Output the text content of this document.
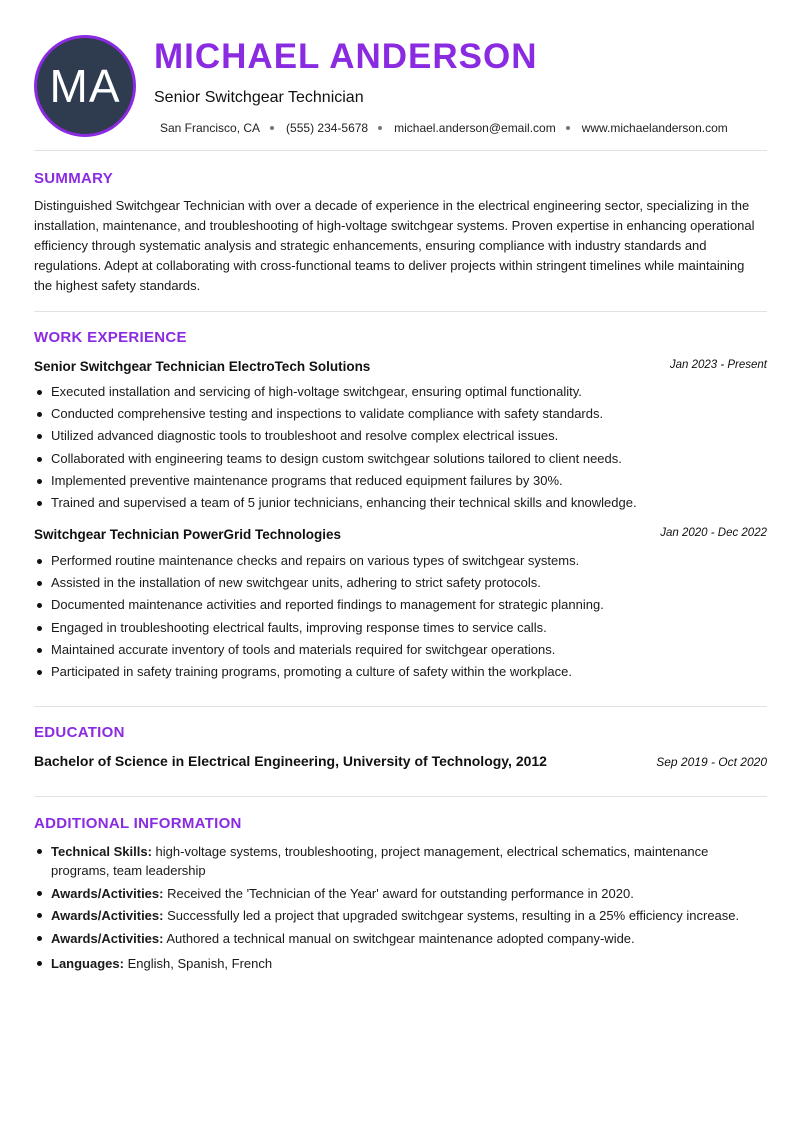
MA
MICHAEL ANDERSON
Senior Switchgear Technician
San Francisco, CA (555) 234-5678 michael.anderson@email.com www.michaelanderson.com
SUMMARY

Distinguished Switchgear Technician with over a decade of experience in the electrical engineering sector, specializing in the installation, maintenance, and troubleshooting of high-voltage switchgear systems. Proven expertise in enhancing operational efficiency through systematic analysis and strategic enhancements, ensuring compliance with industry standards and regulations. Adept at collaborating with cross-functional teams to deliver projects within stringent timelines while maintaining the highest safety standards.

WORK EXPERIENCE
Senior Switchgear Technician ElectroTech Solutions	Jan 2023 - Present
Executed installation and servicing of high-voltage switchgear, ensuring optimal functionality.
Conducted comprehensive testing and inspections to validate compliance with safety standards.
Utilized advanced diagnostic tools to troubleshoot and resolve complex electrical issues.
Collaborated with engineering teams to design custom switchgear solutions tailored to client needs.
Implemented preventive maintenance programs that reduced equipment failures by 30%.
Trained and supervised a team of 5 junior technicians, enhancing their technical skills and knowledge.
Switchgear Technician PowerGrid Technologies	Jan 2020 - Dec 2022
Performed routine maintenance checks and repairs on various types of switchgear systems.
Assisted in the installation of new switchgear units, adhering to strict safety protocols.
Documented maintenance activities and reported findings to management for strategic planning.
Engaged in troubleshooting electrical faults, improving response times to service calls.
Maintained accurate inventory of tools and materials required for switchgear operations.
Participated in safety training programs, promoting a culture of safety within the workplace.
EDUCATION
Bachelor of Science in Electrical Engineering, University of Technology, 2012	Sep 2019 - Oct 2020
ADDITIONAL INFORMATION
Technical Skills: high-voltage systems, troubleshooting, project management, electrical schematics, maintenance programs, team leadership
Awards/Activities: Received the 'Technician of the Year' award for outstanding performance in 2020.
Awards/Activities: Successfully led a project that upgraded switchgear systems, resulting in a 25% efficiency increase.
Awards/Activities: Authored a technical manual on switchgear maintenance adopted company-wide.
Languages: English, Spanish, French
